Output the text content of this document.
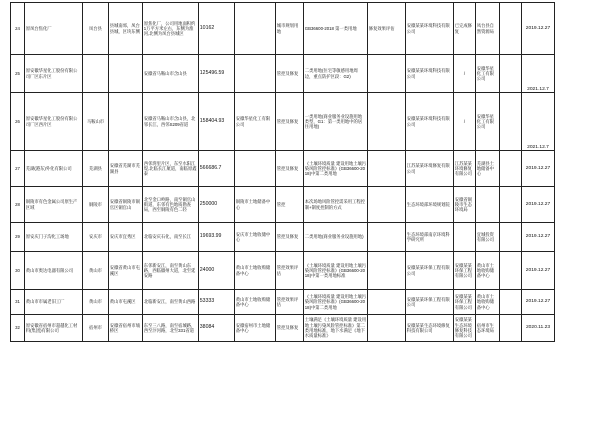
24	原凤台焦化厂	凤台县	县城南郊，凤台县城，区块东侧	原焦化厂，公司用地面积约1万平方米左右，东侧为淮河,北侧为凤台县城区	10162		城市规划用地	GB36600-2018 第一类用地	修复效果评估	安徽某某环境科技有限公司	已完成修复	凤台县自然资源局		2019.12.27
25	原安徽华星化工股份有限公司厂区东片区			安徽省马鞍山市含山县	125496.59		管控及修复	二类用地(住宅等敏感用地周边，重点防护区段：G2)		安徽某某环境科技有限公司	/	安徽华星化工有限公司		2021.12.7
26	原安徽华星化工股份有限公司厂区西片区	马鞍山市		安徽省马鞍山市含山县，北邻长江，西邻S209省道	158404.93	安徽华星化工有限公司	管控及修复	一类用地(商业服务业设施用地类型，G1：第一类用地中的居住用地)		安徽某某环境科技有限公司	/	安徽华星化工有限公司		2021.12.7
27	芜湖(港东)外化有限公司	芜湖县	安徽省芜湖市芜湖县	西邻湾里片区，东至水阳江堤,北临长江航道，南临原鑫泰	566686.7		管控及修复	《土壤环境质量 建设用地土壤污染风险管控标准》(GB36600-2018)中第二类用地		江苏某某环境修复有限公司	江苏某某环境修复有限公司	芜湖县土地储备中心		2019.12.27
28	铜陵市有色金属公司原生产区域	铜陵市	安徽省铜陵市铜官区铜官山	北至金口岭路，南至铜官山街道，东邻有色地质勘查局，西至铜陵有色二轻	250000	铜陵市土地储备中心	管控	本次场地风险管控需采用工程控制+制度控制的方式		生态环境部环境规划院	安徽省铜陵市生态环境局			2019.12.27
29	原安庆门子沟化工场地	安庆市	安庆市宜秀区	北临安庆石化，南至长江	19693.99	安庆市土地收储中心	管控及修复	二类用地(商业服务业设施用地)		生态环境部南京环境科学研究所		宜城投资有限公司		2019.12.27
30	黄山市奥达电器有限公司	黄山市	安徽省黄山市屯溪区	东邻新安江，南至黄山东路，西临徽州大道，北至延安路	24000	黄山市土地收购储备中心	管控效果评估	《土壤环境质量 建设用地土壤污染风险管控标准》(GB36600-2018)中第一类用地标准		安徽某某环保工程有限公司	安徽某某环保工程有限公司	黄山市土地收购储备中心		2019.12.27
31	黄山市市属老旧工厂	黄山市	黄山市屯溪区	北临新安江，南至黄山西路	53333	黄山市土地收购储备中心	管控效果评估	《土壤环境质量 建设用地土壤污染风险管控标准》(GB36600-2018)中第二类用地		安徽某某环保工程有限公司	安徽某某环保工程有限公司	黄山市土地收购储备中心		2019.12.27
32	原安徽省宿州市超越化工材料(集团)有限公司	宿州市	安徽省宿州市埇桥区	东至三八路，南至宿城路，西至汴河路，北至331省道	38084	安徽宿州市土地储备中心	管控及修复	土壤满足《土壤环境质量 建设用地土壤污染风险管控标准》第二类用地标准，地下水满足《地下水质量标准》		安徽某某生态环境修复科技有限公司	安徽某某生态环境修复科技有限公司	宿州市生态环境局		2020.11.23
